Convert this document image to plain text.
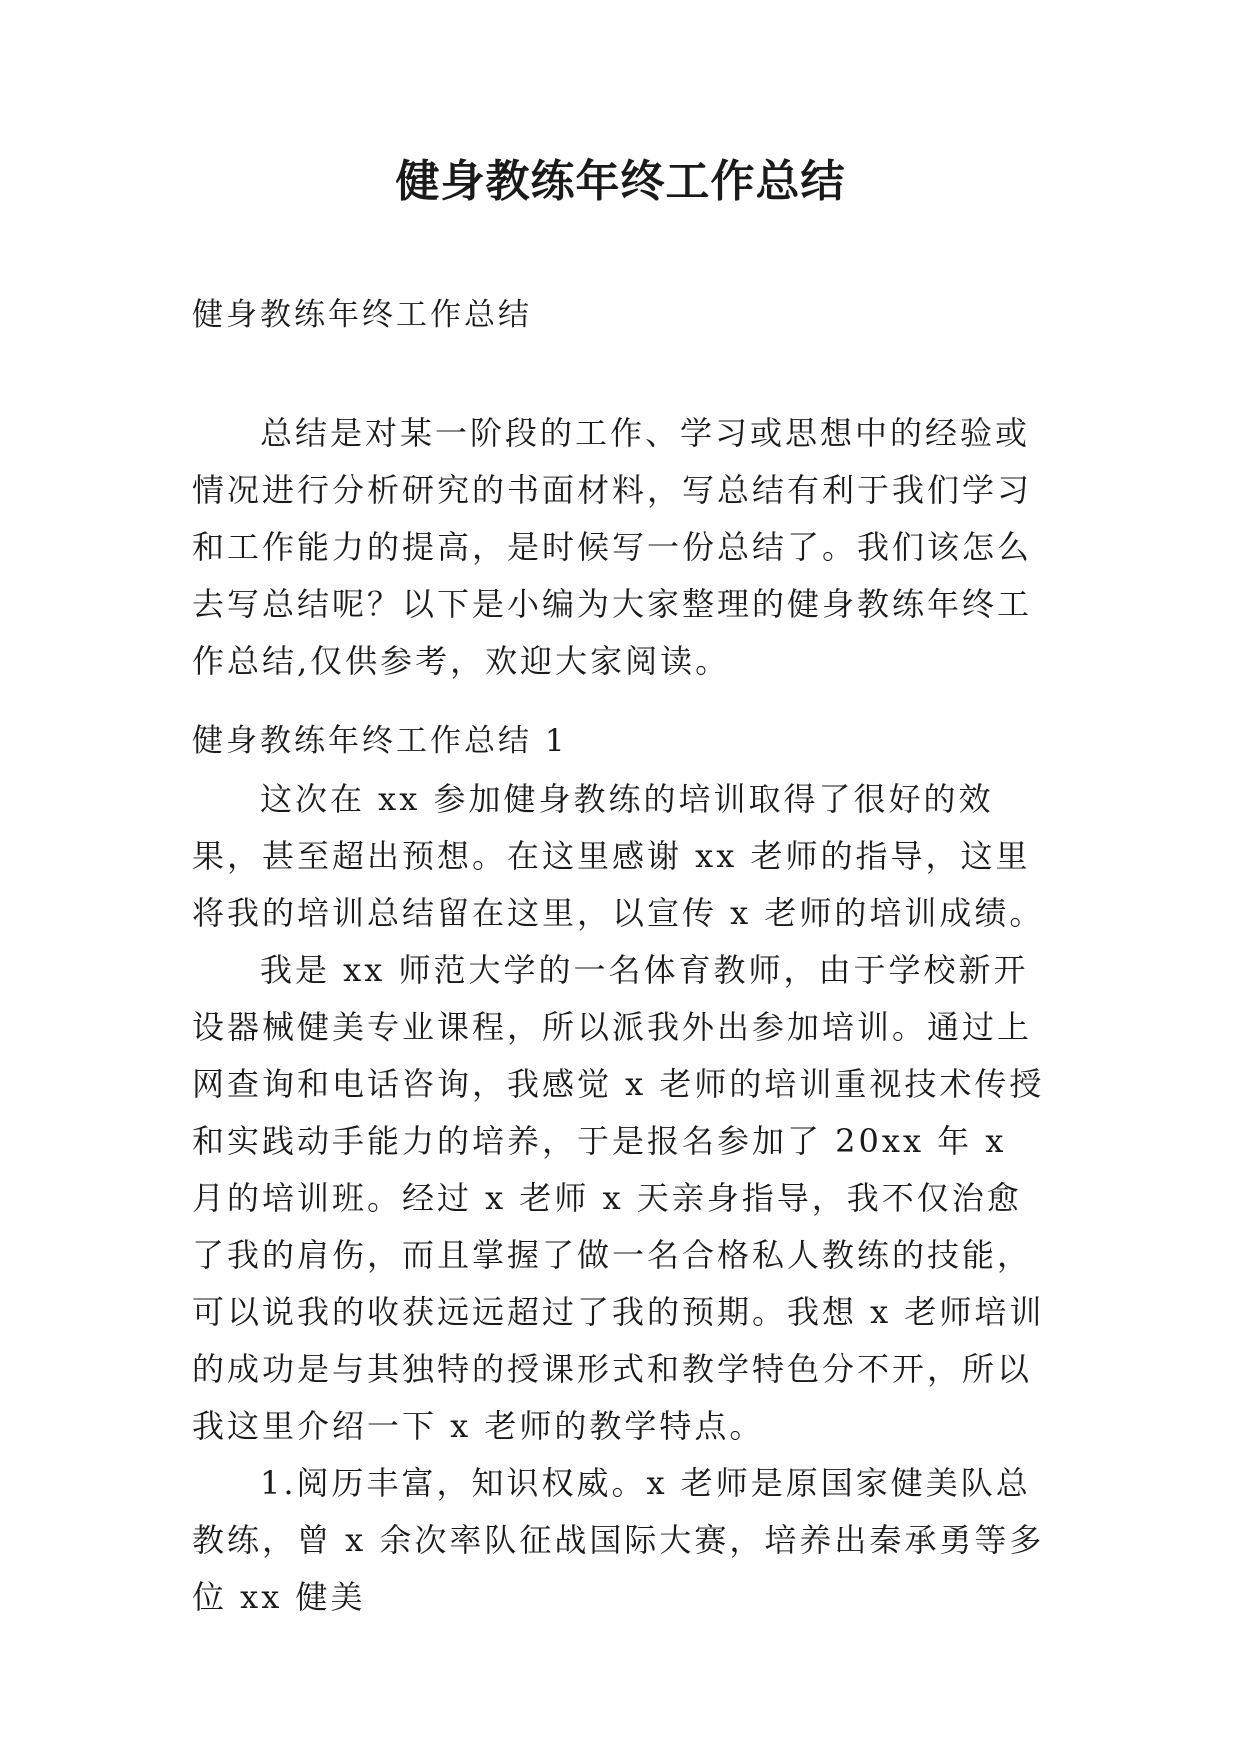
健身教练年终工作总结
健身教练年终工作总结

总结是对某一阶段的工作、学习或思想中的经验或情况进行分析研究的书面材料，写总结有利于我们学习和工作能力的提高，是时候写一份总结了。我们该怎么去写总结呢？以下是小编为大家整理的健身教练年终工作总结,仅供参考，欢迎大家阅读。

健身教练年终工作总结 1

这次在 xx 参加健身教练的培训取得了很好的效果，甚至超出预想。在这里感谢 xx 老师的指导，这里将我的培训总结留在这里，以宣传 x 老师的培训成绩。

我是 xx 师范大学的一名体育教师，由于学校新开设器械健美专业课程，所以派我外出参加培训。通过上网查询和电话咨询，我感觉 x 老师的培训重视技术传授和实践动手能力的培养，于是报名参加了 20xx 年 x 月的培训班。经过 x 老师 x 天亲身指导，我不仅治愈了我的肩伤，而且掌握了做一名合格私人教练的技能，可以说我的收获远远超过了我的预期。我想 x 老师培训的成功是与其独特的授课形式和教学特色分不开，所以我这里介绍一下 x 老师的教学特点。

1.阅历丰富，知识权威。x 老师是原国家健美队总教练，曾 x 余次率队征战国际大赛，培养出秦承勇等多位 xx 健美
